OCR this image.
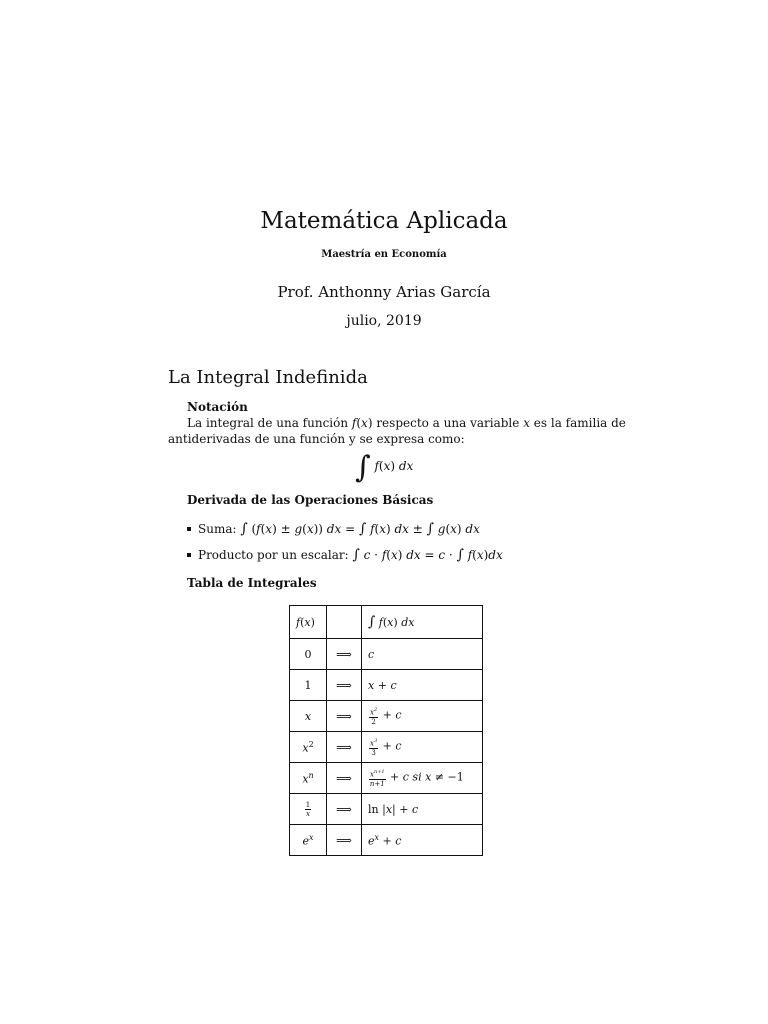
Matemática Aplicada
Maestría en Economía
Prof. Anthonny Arias García
julio, 2019
La Integral Indefinida
Notación
La integral de una función f(x) respecto a una variable x es la familia de
antiderivadas de una función y se expresa como:
∫ f(x) dx
Derivada de las Operaciones Básicas
Suma: ∫ (f(x) ± g(x)) dx = ∫ f(x) dx ± ∫ g(x) dx
Producto por un escalar: ∫ c · f(x) dx = c · ∫ f(x)dx
Tabla de Integrales
f(x)		∫ f(x) dx
0	⟹	c
1	⟹	x + c
x	⟹	$\frac{x^2}{2} + c$
$x^2$	⟹	$\frac{x^3}{3} + c$
$x^n$	⟹	$\frac{x^{n+1}}{n+1} + c$ si x ≠ −1

$\frac{1}{x}$	⟹	ln |x| + c
$e^x$	⟹	$e^x + c$
